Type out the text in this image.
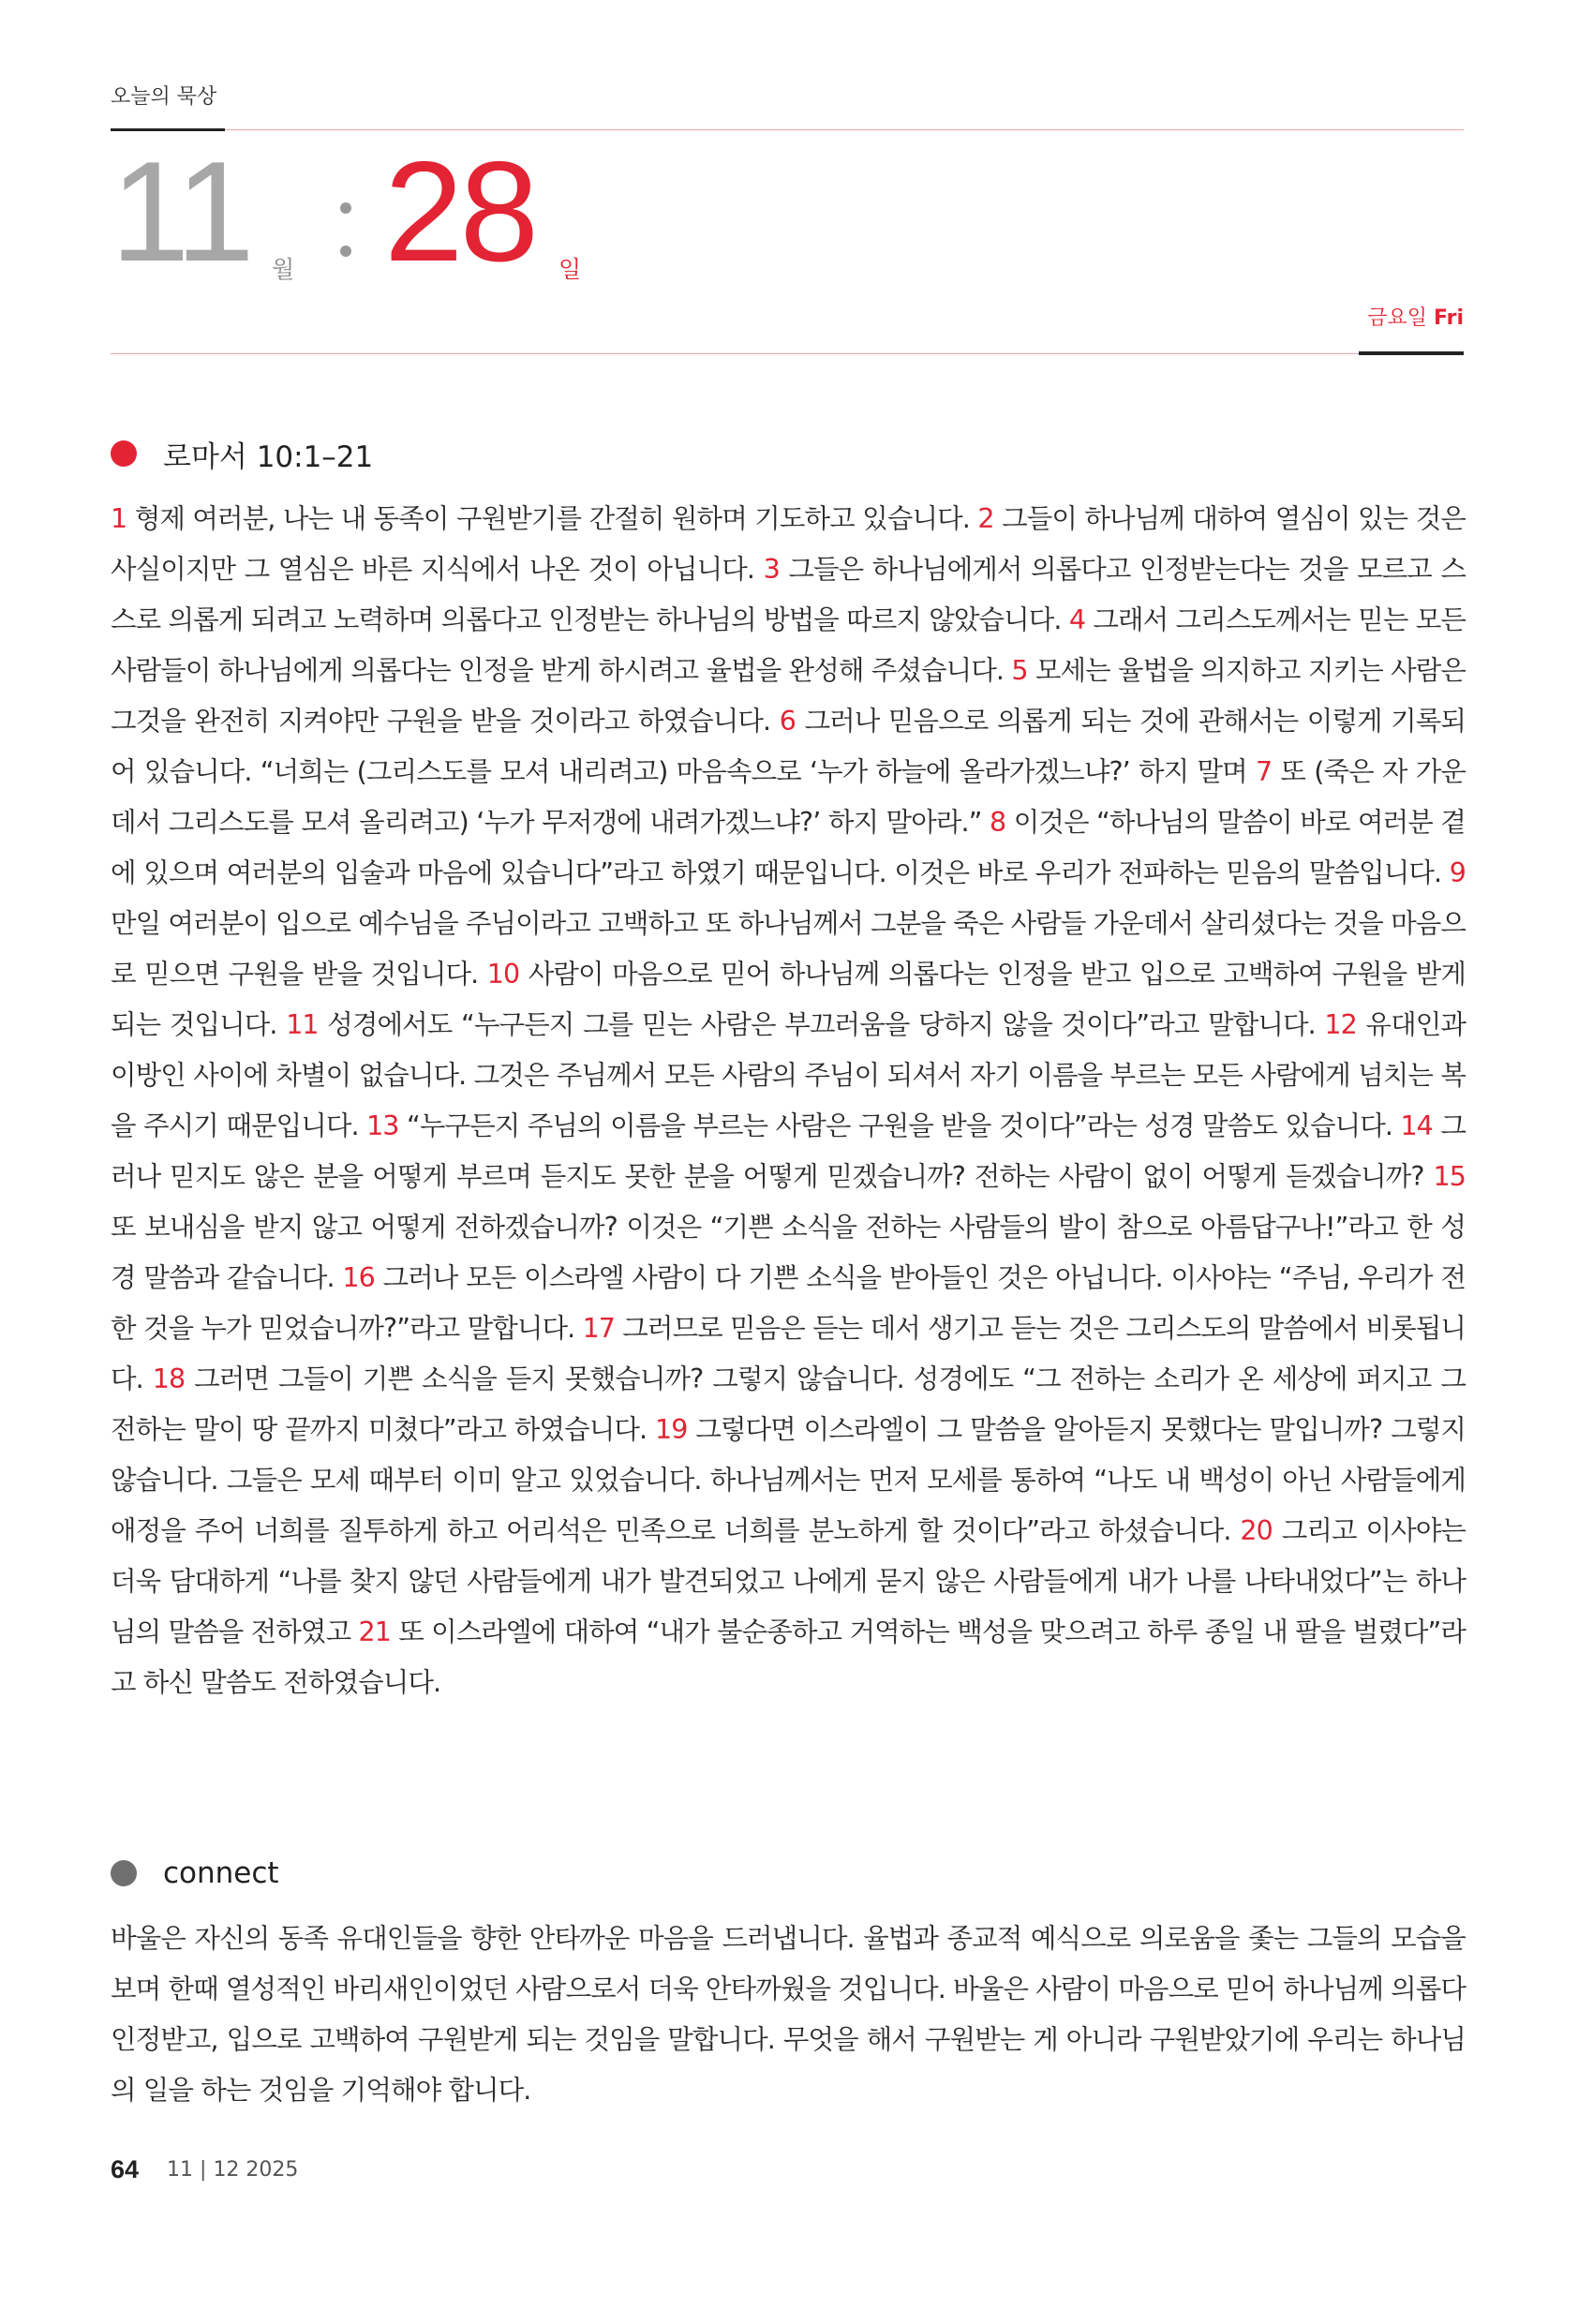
오늘의 묵상
11 월 28 일
금요일 Fri
로마서 10:1–21

1 형제 여러분, 나는 내 동족이 구원받기를 간절히 원하며 기도하고 있습니다. 2 그들이 하나님께 대하여 열심이 있는 것은 사실이지만 그 열심은 바른 지식에서 나온 것이 아닙니다. 3 그들은 하나님에게서 의롭다고 인정받는다는 것을 모르고 스스로 의롭게 되려고 노력하며 의롭다고 인정받는 하나님의 방법을 따르지 않았습니다. 4 그래서 그리스도께서는 믿는 모든 사람들이 하나님에게 의롭다는 인정을 받게 하시려고 율법을 완성해 주셨습니다. 5 모세는 율법을 의지하고 지키는 사람은 그것을 완전히 지켜야만 구원을 받을 것이라고 하였습니다. 6 그러나 믿음으로 의롭게 되는 것에 관해서는 이렇게 기록되어 있습니다. “너희는 (그리스도를 모셔 내리려고) 마음속으로 ‘누가 하늘에 올라가겠느냐?’ 하지 말며 7 또 (죽은 자 가운데서 그리스도를 모셔 올리려고) ‘누가 무저갱에 내려가겠느냐?’ 하지 말아라.” 8 이것은 “하나님의 말씀이 바로 여러분 곁에 있으며 여러분의 입술과 마음에 있습니다”라고 하였기 때문입니다. 이것은 바로 우리가 전파하는 믿음의 말씀입니다. 9 만일 여러분이 입으로 예수님을 주님이라고 고백하고 또 하나님께서 그분을 죽은 사람들 가운데서 살리셨다는 것을 마음으로 믿으면 구원을 받을 것입니다. 10 사람이 마음으로 믿어 하나님께 의롭다는 인정을 받고 입으로 고백하여 구원을 받게 되는 것입니다. 11 성경에서도 “누구든지 그를 믿는 사람은 부끄러움을 당하지 않을 것이다”라고 말합니다. 12 유대인과 이방인 사이에 차별이 없습니다. 그것은 주님께서 모든 사람의 주님이 되셔서 자기 이름을 부르는 모든 사람에게 넘치는 복을 주시기 때문입니다. 13 “누구든지 주님의 이름을 부르는 사람은 구원을 받을 것이다”라는 성경 말씀도 있습니다. 14 그러나 믿지도 않은 분을 어떻게 부르며 듣지도 못한 분을 어떻게 믿겠습니까? 전하는 사람이 없이 어떻게 듣겠습니까? 15 또 보내심을 받지 않고 어떻게 전하겠습니까? 이것은 “기쁜 소식을 전하는 사람들의 발이 참으로 아름답구나!”라고 한 성경 말씀과 같습니다. 16 그러나 모든 이스라엘 사람이 다 기쁜 소식을 받아들인 것은 아닙니다. 이사야는 “주님, 우리가 전한 것을 누가 믿었습니까?”라고 말합니다. 17 그러므로 믿음은 듣는 데서 생기고 듣는 것은 그리스도의 말씀에서 비롯됩니다. 18 그러면 그들이 기쁜 소식을 듣지 못했습니까? 그렇지 않습니다. 성경에도 “그 전하는 소리가 온 세상에 퍼지고 그 전하는 말이 땅 끝까지 미쳤다”라고 하였습니다. 19 그렇다면 이스라엘이 그 말씀을 알아듣지 못했다는 말입니까? 그렇지 않습니다. 그들은 모세 때부터 이미 알고 있었습니다. 하나님께서는 먼저 모세를 통하여 “나도 내 백성이 아닌 사람들에게 애정을 주어 너희를 질투하게 하고 어리석은 민족으로 너희를 분노하게 할 것이다”라고 하셨습니다. 20 그리고 이사야는 더욱 담대하게 “나를 찾지 않던 사람들에게 내가 발견되었고 나에게 묻지 않은 사람들에게 내가 나를 나타내었다”는 하나님의 말씀을 전하였고 21 또 이스라엘에 대하여 “내가 불순종하고 거역하는 백성을 맞으려고 하루 종일 내 팔을 벌렸다”라고 하신 말씀도 전하였습니다.

connect

바울은 자신의 동족 유대인들을 향한 안타까운 마음을 드러냅니다. 율법과 종교적 예식으로 의로움을 좇는 그들의 모습을 보며 한때 열성적인 바리새인이었던 사람으로서 더욱 안타까웠을 것입니다. 바울은 사람이 마음으로 믿어 하나님께 의롭다 인정받고, 입으로 고백하여 구원받게 되는 것임을 말합니다. 무엇을 해서 구원받는 게 아니라 구원받았기에 우리는 하나님의 일을 하는 것임을 기억해야 합니다.

64 11 | 12 2025
